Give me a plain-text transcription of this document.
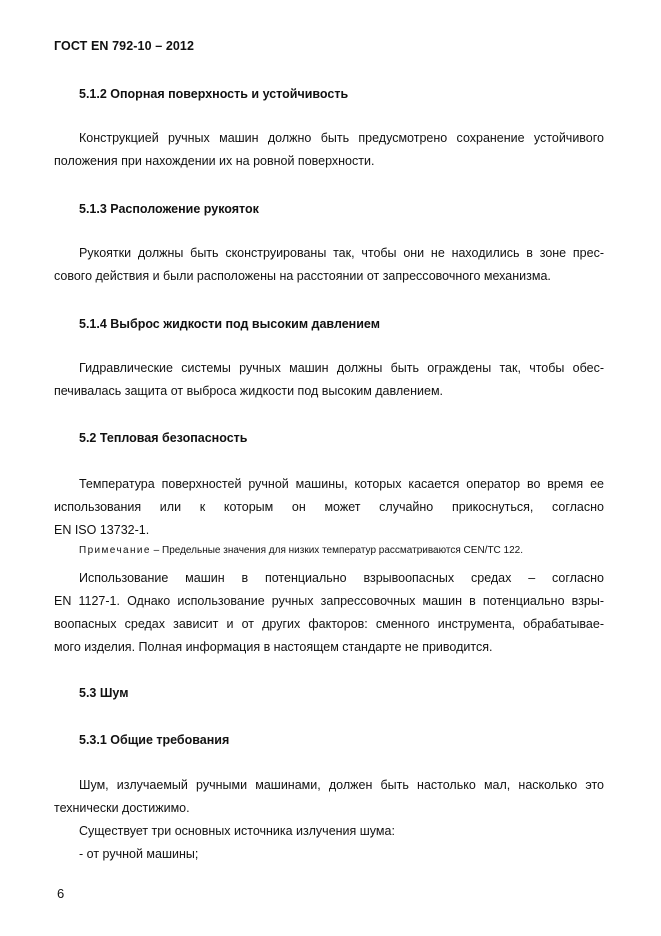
ГОСТ EN 792-10 – 2012
5.1.2 Опорная поверхность и устойчивость
Конструкцией ручных машин должно быть предусмотрено сохранение устойчивого
положения при нахождении их на ровной поверхности.
5.1.3 Расположение рукояток
Рукоятки должны быть сконструированы так, чтобы они не находились в зоне прес-
сового действия и были расположены на расстоянии от запрессовочного механизма.
5.1.4 Выброс жидкости под высоким давлением
Гидравлические системы ручных машин должны быть ограждены так, чтобы обес-
печивалась защита от выброса жидкости под высоким давлением.
5.2 Тепловая безопасность
Температура поверхностей ручной машины, которых касается оператор во время ее
использования или к которым он может случайно прикоснуться, согласно
EN ISO 13732-1.
Примечание – Предельные значения для низких температур рассматриваются CEN/TC 122.
Использование машин в потенциально взрывоопасных средах – согласно
EN 1127-1. Однако использование ручных запрессовочных машин в потенциально взры-
воопасных средах зависит и от других факторов: сменного инструмента, обрабатывае-
мого изделия. Полная информация в настоящем стандарте не приводится.
5.3 Шум
5.3.1 Общие требования
Шум, излучаемый ручными машинами, должен быть настолько мал, насколько это
технически достижимо.
Существует три основных источника излучения шума:
- от ручной машины;
6
